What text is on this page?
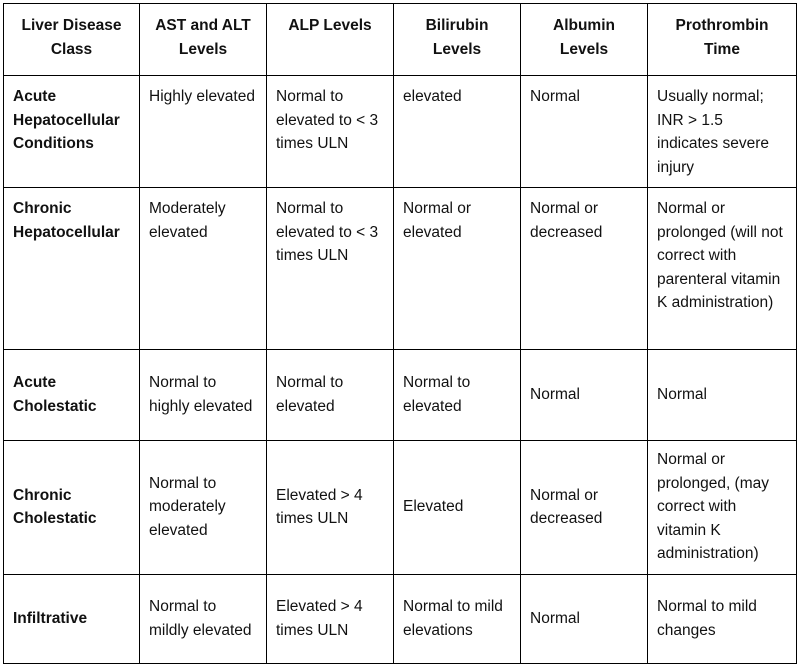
Liver Disease Class	AST and ALT Levels	ALP Levels	Bilirubin Levels	Albumin Levels	Prothrombin Time
Acute Hepatocellular Conditions	Highly elevated	Normal to elevated to < 3 times ULN	elevated	Normal	Usually normal; INR > 1.5 indicates severe injury
Chronic Hepatocellular	Moderately elevated	Normal to elevated to < 3 times ULN	Normal or elevated	Normal or decreased	Normal or prolonged (will not correct with parenteral vitamin K administration)
Acute Cholestatic	Normal to highly elevated	Normal to elevated	Normal to elevated	Normal	Normal
Chronic Cholestatic	Normal to moderately elevated	Elevated > 4 times ULN	Elevated	Normal or decreased	Normal or prolonged, (may correct with vitamin K administration)
Infiltrative	Normal to mildly elevated	Elevated > 4 times ULN	Normal to mild elevations	Normal	Normal to mild changes
